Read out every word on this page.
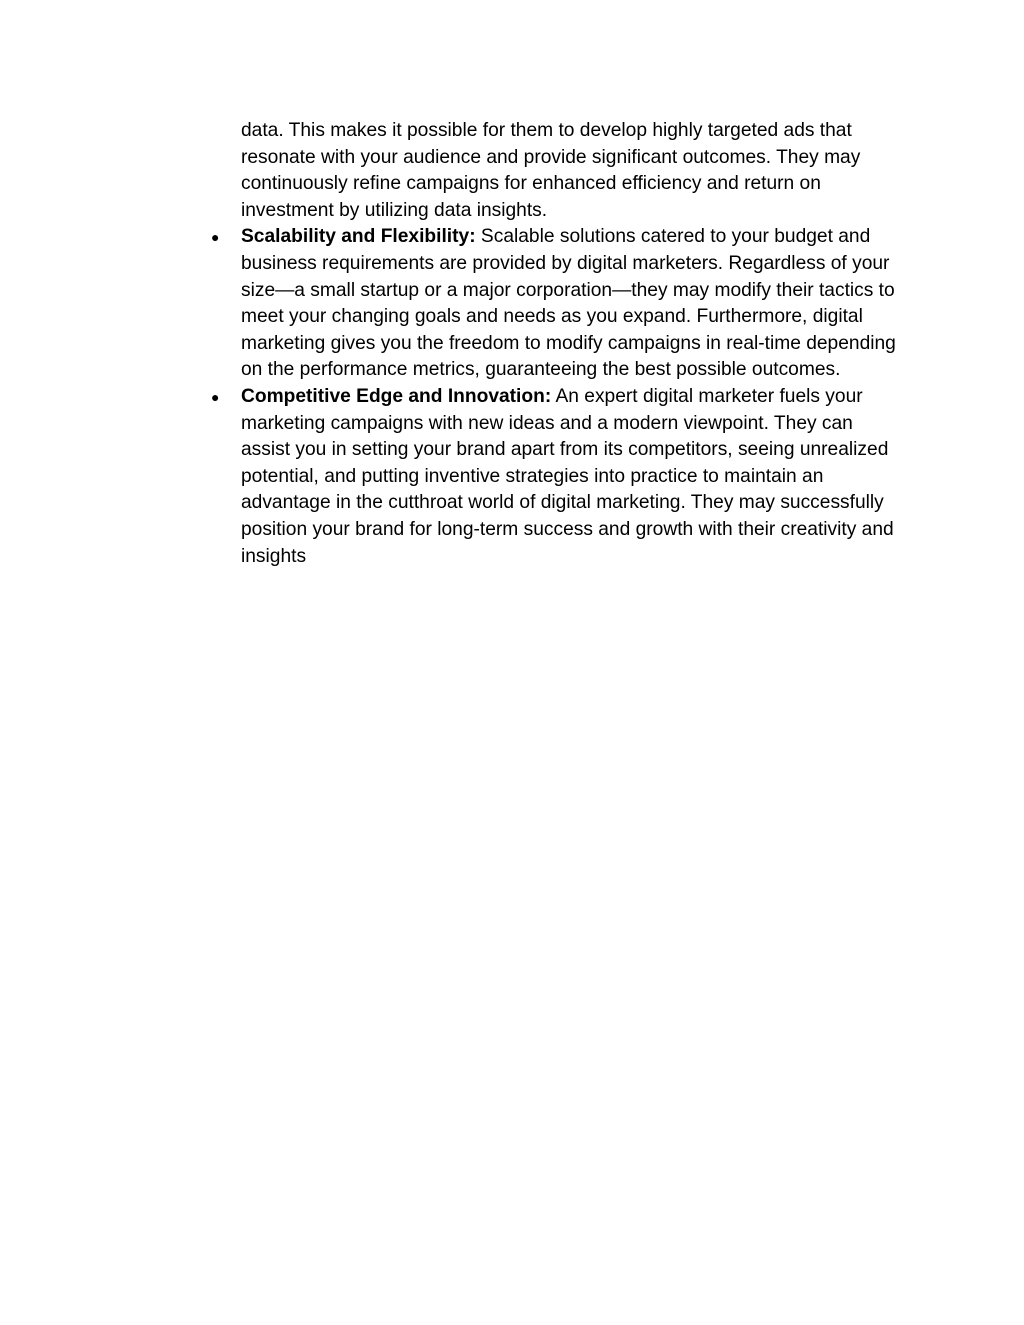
data. This makes it possible for them to develop highly targeted ads that resonate with your audience and provide significant outcomes. They may continuously refine campaigns for enhanced efficiency and return on investment by utilizing data insights.

● Scalability and Flexibility: Scalable solutions catered to your budget and business requirements are provided by digital marketers. Regardless of your size—a small startup or a major corporation—they may modify their tactics to meet your changing goals and needs as you expand. Furthermore, digital marketing gives you the freedom to modify campaigns in real-time depending on the performance metrics, guaranteeing the best possible outcomes.
● Competitive Edge and Innovation: An expert digital marketer fuels your marketing campaigns with new ideas and a modern viewpoint. They can assist you in setting your brand apart from its competitors, seeing unrealized potential, and putting inventive strategies into practice to maintain an advantage in the cutthroat world of digital marketing. They may successfully position your brand for long-term success and growth with their creativity and insights
